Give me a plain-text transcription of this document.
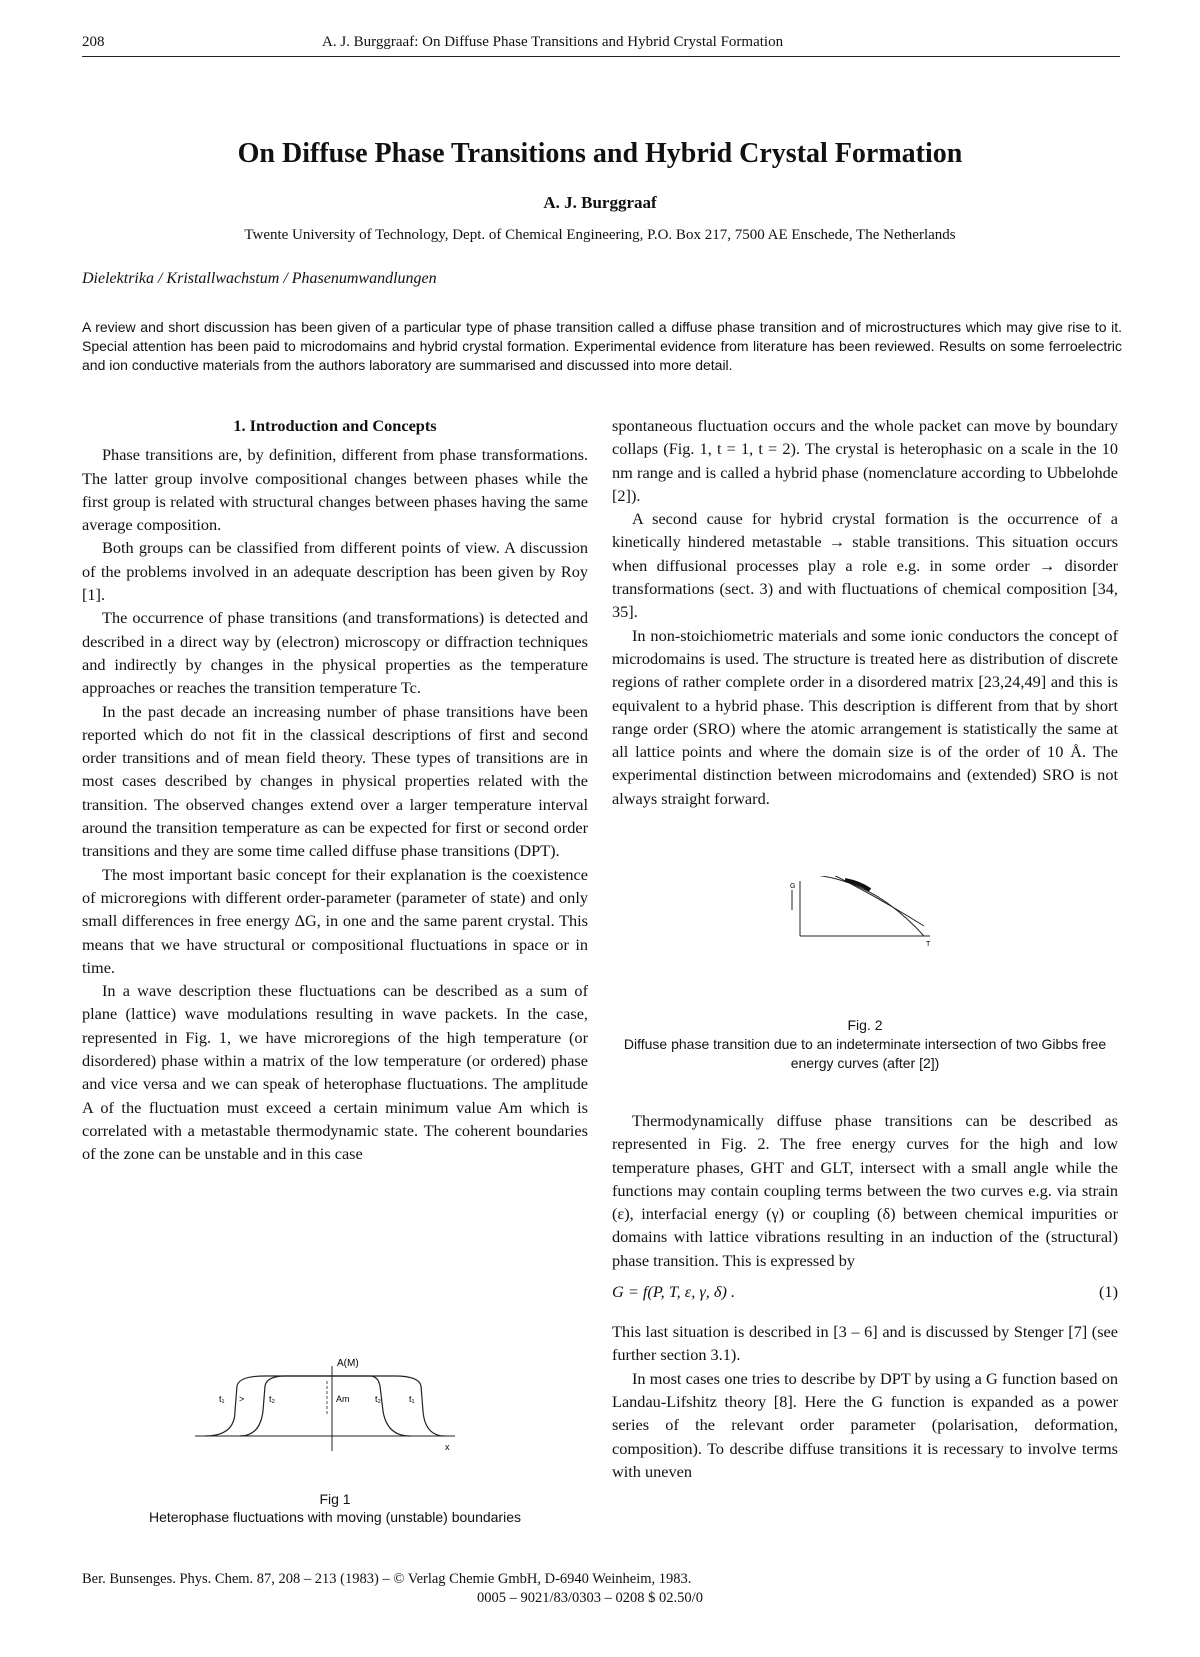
208	A. J. Burggraaf: On Diffuse Phase Transitions and Hybrid Crystal Formation
On Diffuse Phase Transitions and Hybrid Crystal Formation
A. J. Burggraaf
Twente University of Technology, Dept. of Chemical Engineering, P.O. Box 217, 7500 AE Enschede, The Netherlands
Dielektrika / Kristallwachstum / Phasenumwandlungen
A review and short discussion has been given of a particular type of phase transition called a diffuse phase transition and of microstructures which may give rise to it. Special attention has been paid to microdomains and hybrid crystal formation. Experimental evidence from literature has been reviewed. Results on some ferroelectric and ion conductive materials from the authors laboratory are summarised and discussed into more detail.
1. Introduction and Concepts

Phase transitions are, by definition, different from phase transformations. The latter group involve compositional changes between phases while the first group is related with structural changes between phases having the same average composition.

Both groups can be classified from different points of view. A discussion of the problems involved in an adequate description has been given by Roy [1].

The occurrence of phase transitions (and transformations) is detected and described in a direct way by (electron) microscopy or diffraction techniques and indirectly by changes in the physical properties as the temperature approaches or reaches the transition temperature Tc.

In the past decade an increasing number of phase transitions have been reported which do not fit in the classical descriptions of first and second order transitions and of mean field theory. These types of transitions are in most cases described by changes in physical properties related with the transition. The observed changes extend over a larger temperature interval around the transition temperature as can be expected for first or second order transitions and they are some time called diffuse phase transitions (DPT).

The most important basic concept for their explanation is the coexistence of microregions with different order-parameter (parameter of state) and only small differences in free energy ΔG, in one and the same parent crystal. This means that we have structural or compositional fluctuations in space or in time.

In a wave description these fluctuations can be described as a sum of plane (lattice) wave modulations resulting in wave packets. In the case, represented in Fig. 1, we have microregions of the high temperature (or disordered) phase within a matrix of the low temperature (or ordered) phase and vice versa and we can speak of heterophase fluctuations. The amplitude A of the fluctuation must exceed a certain minimum value Am which is correlated with a metastable thermodynamic state. The coherent boundaries of the zone can be unstable and in this case

spontaneous fluctuation occurs and the whole packet can move by boundary collaps (Fig. 1, t = 1, t = 2). The crystal is heterophasic on a scale in the 10 nm range and is called a hybrid phase (nomenclature according to Ubbelohde [2]).

A second cause for hybrid crystal formation is the occurrence of a kinetically hindered metastable → stable transitions. This situation occurs when diffusional processes play a role e.g. in some order → disorder transformations (sect. 3) and with fluctuations of chemical composition [34, 35].

In non-stoichiometric materials and some ionic conductors the concept of microdomains is used. The structure is treated here as distribution of discrete regions of rather complete order in a disordered matrix [23,24,49] and this is equivalent to a hybrid phase. This description is different from that by short range order (SRO) where the atomic arrangement is statistically the same at all lattice points and where the domain size is of the order of 10 Å. The experimental distinction between microdomains and (extended) SRO is not always straight forward.

G
T
Fig. 2
Diffuse phase transition due to an indeterminate intersection of two Gibbs free energy curves (after [2])

Thermodynamically diffuse phase transitions can be described as represented in Fig. 2. The free energy curves for the high and low temperature phases, GHT and GLT, intersect with a small angle while the functions may contain coupling terms between the two curves e.g. via strain (ε), interfacial energy (γ) or coupling (δ) between chemical impurities or domains with lattice vibrations resulting in an induction of the (structural) phase transition. This is expressed by

G = f(P, T, ε, γ, δ) .	(1)

This last situation is described in [3 – 6] and is discussed by Stenger [7] (see further section 3.1).

In most cases one tries to describe by DPT by using a G function based on Landau-Lifshitz theory [8]. Here the G function is expanded as a power series of the relevant order parameter (polarisation, deformation, composition). To describe diffuse transitions it is recessary to involve terms with uneven

A(M)
x
t₁ >	t₂	Am	t₂	t₁
Fig 1
Heterophase fluctuations with moving (unstable) boundaries
Ber. Bunsenges. Phys. Chem. 87, 208 – 213 (1983) – © Verlag Chemie GmbH, D-6940 Weinheim, 1983.
0005 – 9021/83/0303 – 0208 $ 02.50/0
